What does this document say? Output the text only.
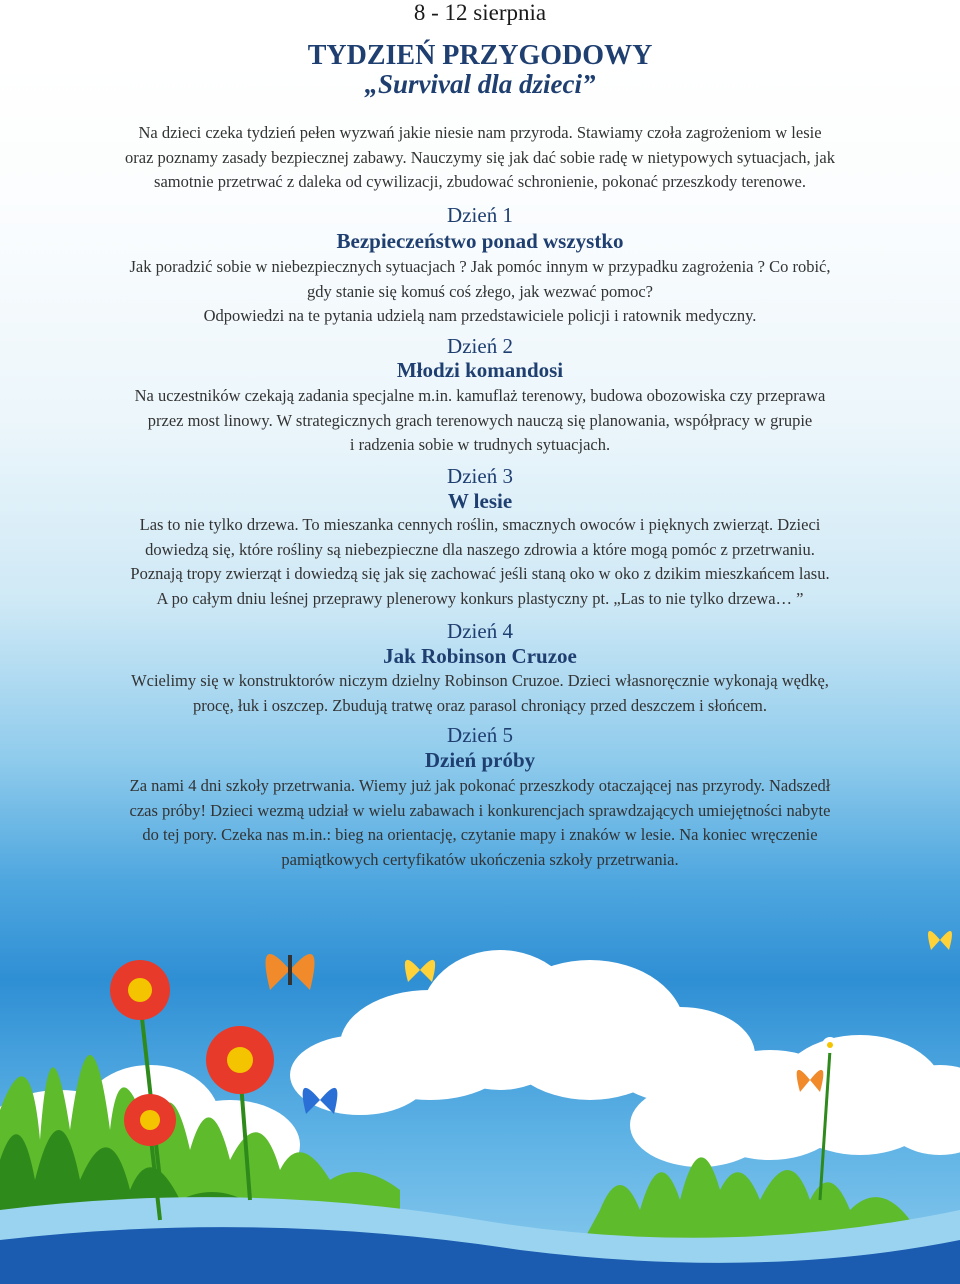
8 - 12 sierpnia
TYDZIEŃ PRZYGODOWY
„Survival dla dzieci”
Na dzieci czeka tydzień pełen wyzwań jakie niesie nam przyroda. Stawiamy czoła zagrożeniom w lesie
oraz poznamy zasady bezpiecznej zabawy. Nauczymy się jak dać sobie radę w nietypowych sytuacjach, jak
samotnie przetrwać z daleka od cywilizacji, zbudować schronienie, pokonać przeszkody terenowe.
Dzień 1
Bezpieczeństwo ponad wszystko
Jak poradzić sobie w niebezpiecznych sytuacjach ? Jak pomóc innym w przypadku zagrożenia ? Co robić,
gdy stanie się komuś coś złego, jak wezwać pomoc?
Odpowiedzi na te pytania udzielą nam przedstawiciele policji i ratownik medyczny.
Dzień 2
Młodzi komandosi
Na uczestników czekają zadania specjalne m.in. kamuflaż terenowy, budowa obozowiska czy przeprawa
przez most linowy. W strategicznych grach terenowych nauczą się planowania, współpracy w grupie
i radzenia sobie w trudnych sytuacjach.
Dzień 3
W lesie
Las to nie tylko drzewa. To mieszanka cennych roślin, smacznych owoców i pięknych zwierząt. Dzieci
dowiedzą się, które rośliny są niebezpieczne dla naszego zdrowia a które mogą pomóc z przetrwaniu.
Poznają tropy zwierząt i dowiedzą się jak się zachować jeśli staną oko w oko z dzikim mieszkańcem lasu.
A po całym dniu leśnej przeprawy plenerowy konkurs plastyczny pt. „Las to nie tylko drzewa… ”
Dzień 4
Jak Robinson Cruzoe
Wcielimy się w konstruktorów niczym dzielny Robinson Cruzoe. Dzieci własnoręcznie wykonają wędkę,
procę, łuk i oszczep. Zbudują tratwę oraz parasol chroniący przed deszczem i słońcem.
Dzień 5
Dzień próby
Za nami 4 dni szkoły przetrwania. Wiemy już jak pokonać przeszkody otaczającej nas przyrody. Nadszedł
czas próby! Dzieci wezmą udział w wielu zabawach i konkurencjach sprawdzających umiejętności nabyte
do tej pory. Czeka nas m.in.: bieg na orientację, czytanie mapy i znaków w lesie. Na koniec wręczenie
pamiątkowych certyfikatów ukończenia szkoły przetrwania.
